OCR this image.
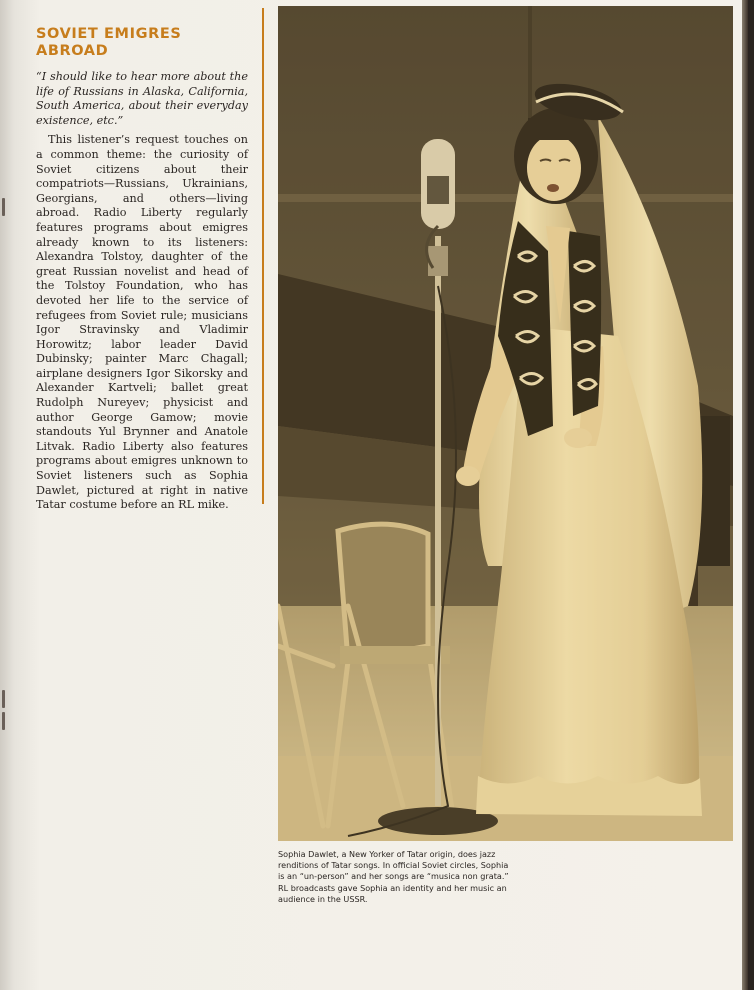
SOVIET EMIGRES
ABROAD

“I should like to hear more about the life of Russians in Alaska, California, South America, about their everyday existence, etc.”

This listener’s request touches on a common theme: the curiosity of Soviet citizens about their compatriots—Russians, Ukrainians, Georgians, and others—living abroad. Radio Liberty regularly features programs about emigres already known to its listeners: Alexandra Tolstoy, daughter of the great Russian novelist and head of the Tolstoy Foundation, who has devoted her life to the service of refugees from Soviet rule; musicians Igor Stravinsky and Vladimir Horowitz; labor leader David Dubinsky; painter Marc Chagall; airplane designers Igor Sikorsky and Alexander Kartveli; ballet great Rudolph Nureyev; physicist and author George Gamow; movie standouts Yul Brynner and Anatole Litvak. Radio Liberty also features programs about emigres unknown to Soviet listeners such as Sophia Dawlet, pictured at right in native Tatar costume before an RL mike.

Sophia Dawlet, a New Yorker of Tatar origin, does jazz renditions of Tatar songs. In official Soviet circles, Sophia is an “un-person” and her songs are “musica non grata.” RL broadcasts gave Sophia an identity and her music an audience in the USSR.
